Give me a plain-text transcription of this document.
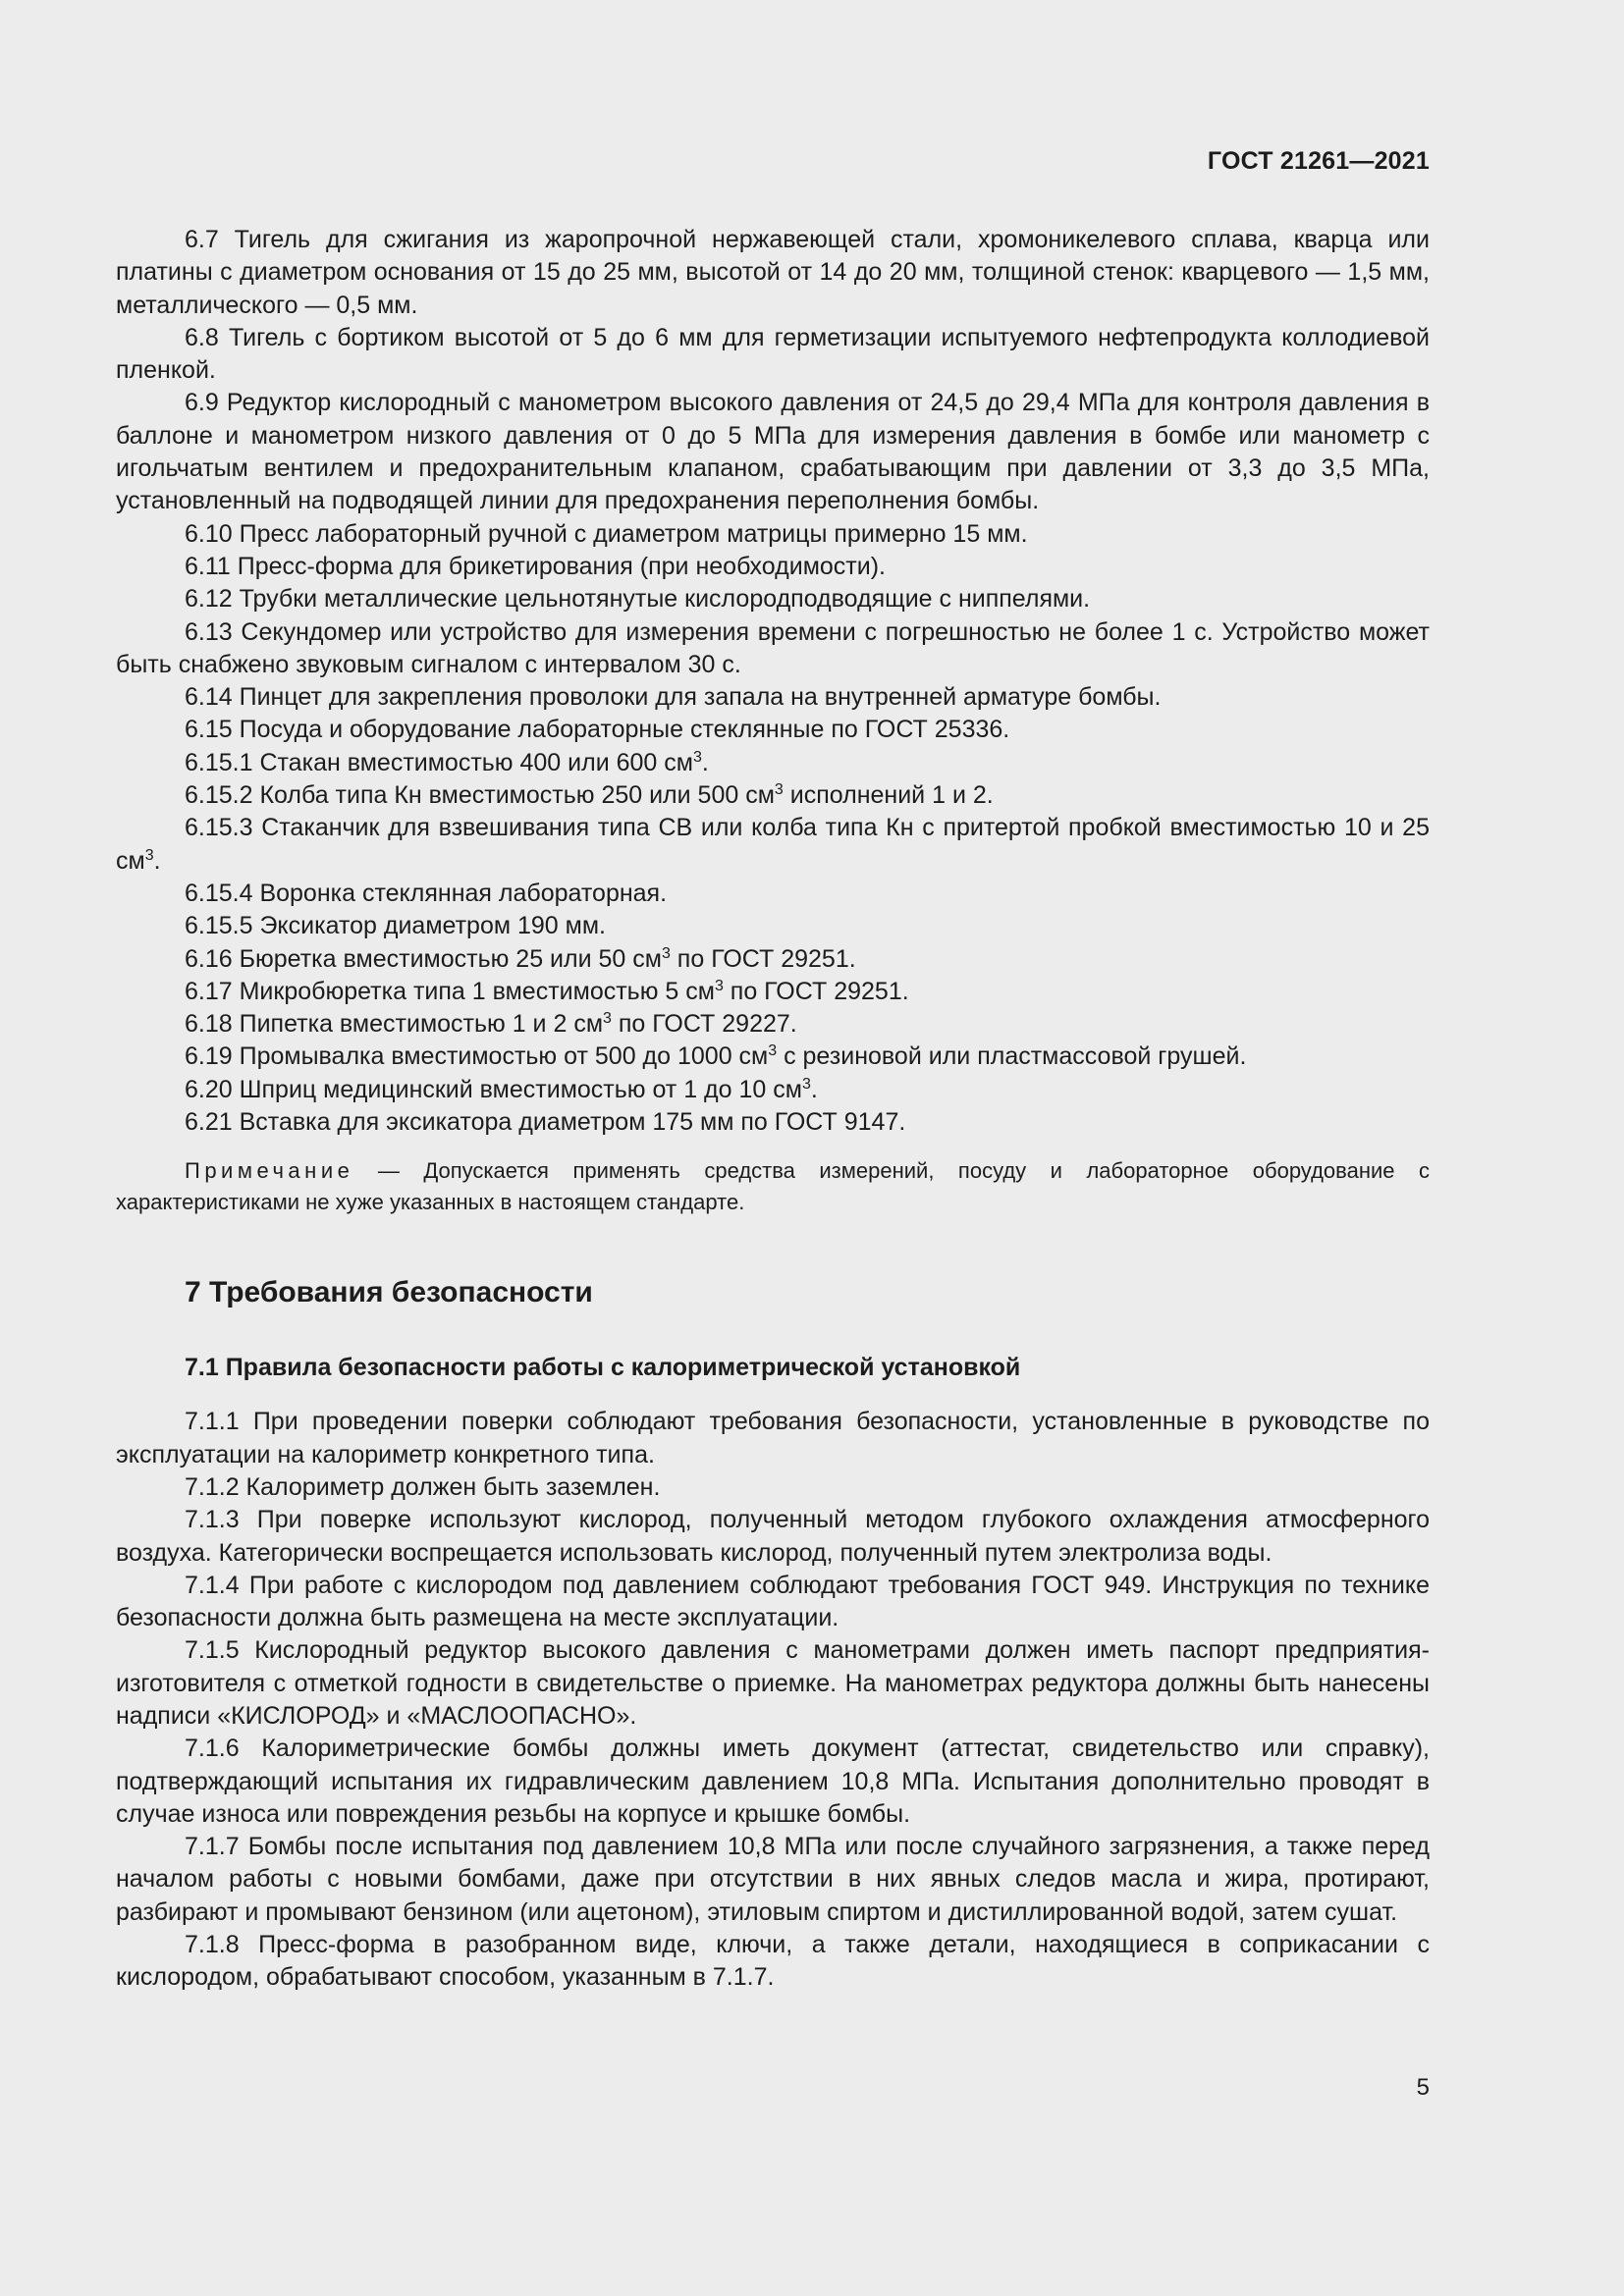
ГОСТ 21261—2021

6.7 Тигель для сжигания из жаропрочной нержавеющей стали, хромоникелевого сплава, кварца или платины с диаметром основания от 15 до 25 мм, высотой от 14 до 20 мм, толщиной стенок: кварцевого — 1,5 мм, металлического — 0,5 мм.

6.8 Тигель с бортиком высотой от 5 до 6 мм для герметизации испытуемого нефтепродукта коллодиевой пленкой.

6.9 Редуктор кислородный с манометром высокого давления от 24,5 до 29,4 МПа для контроля давления в баллоне и манометром низкого давления от 0 до 5 МПа для измерения давления в бомбе или манометр с игольчатым вентилем и предохранительным клапаном, срабатывающим при давлении от 3,3 до 3,5 МПа, установленный на подводящей линии для предохранения переполнения бомбы.

6.10 Пресс лабораторный ручной с диаметром матрицы примерно 15 мм.

6.11 Пресс-форма для брикетирования (при необходимости).

6.12 Трубки металлические цельнотянутые кислородподводящие с ниппелями.

6.13 Секундомер или устройство для измерения времени с погрешностью не более 1 с. Устройство может быть снабжено звуковым сигналом с интервалом 30 с.

6.14 Пинцет для закрепления проволоки для запала на внутренней арматуре бомбы.

6.15 Посуда и оборудование лабораторные стеклянные по ГОСТ 25336.

6.15.1 Стакан вместимостью 400 или 600 $см^3$.

6.15.2 Колба типа Кн вместимостью 250 или 500 $см^3$ исполнений 1 и 2.

6.15.3 Стаканчик для взвешивания типа СВ или колба типа Кн с притертой пробкой вместимостью 10 и 25 $см^3$.

6.15.4 Воронка стеклянная лабораторная.

6.15.5 Эксикатор диаметром 190 мм.

6.16 Бюретка вместимостью 25 или 50 $см^3$ по ГОСТ 29251.

6.17 Микробюретка типа 1 вместимостью 5 $см^3$ по ГОСТ 29251.

6.18 Пипетка вместимостью 1 и 2 $см^3$ по ГОСТ 29227.

6.19 Промывалка вместимостью от 500 до 1000 $см^3$ с резиновой или пластмассовой грушей.

6.20 Шприц медицинский вместимостью от 1 до 10 $см^3$.

6.21 Вставка для эксикатора диаметром 175 мм по ГОСТ 9147.

Примечание — Допускается применять средства измерений, посуду и лабораторное оборудование с характеристиками не хуже указанных в настоящем стандарте.

7 Требования безопасности
7.1 Правила безопасности работы с калориметрической установкой

7.1.1 При проведении поверки соблюдают требования безопасности, установленные в руководстве по эксплуатации на калориметр конкретного типа.

7.1.2 Калориметр должен быть заземлен.

7.1.3 При поверке используют кислород, полученный методом глубокого охлаждения атмосферного воздуха. Категорически воспрещается использовать кислород, полученный путем электролиза воды.

7.1.4 При работе с кислородом под давлением соблюдают требования ГОСТ 949. Инструкция по технике безопасности должна быть размещена на месте эксплуатации.

7.1.5 Кислородный редуктор высокого давления с манометрами должен иметь паспорт предприятия-изготовителя с отметкой годности в свидетельстве о приемке. На манометрах редуктора должны быть нанесены надписи «КИСЛОРОД» и «МАСЛООПАСНО».

7.1.6 Калориметрические бомбы должны иметь документ (аттестат, свидетельство или справку), подтверждающий испытания их гидравлическим давлением 10,8 МПа. Испытания дополнительно проводят в случае износа или повреждения резьбы на корпусе и крышке бомбы.

7.1.7 Бомбы после испытания под давлением 10,8 МПа или после случайного загрязнения, а также перед началом работы с новыми бомбами, даже при отсутствии в них явных следов масла и жира, протирают, разбирают и промывают бензином (или ацетоном), этиловым спиртом и дистиллированной водой, затем сушат.

7.1.8 Пресс-форма в разобранном виде, ключи, а также детали, находящиеся в соприкасании с кислородом, обрабатывают способом, указанным в 7.1.7.

5
